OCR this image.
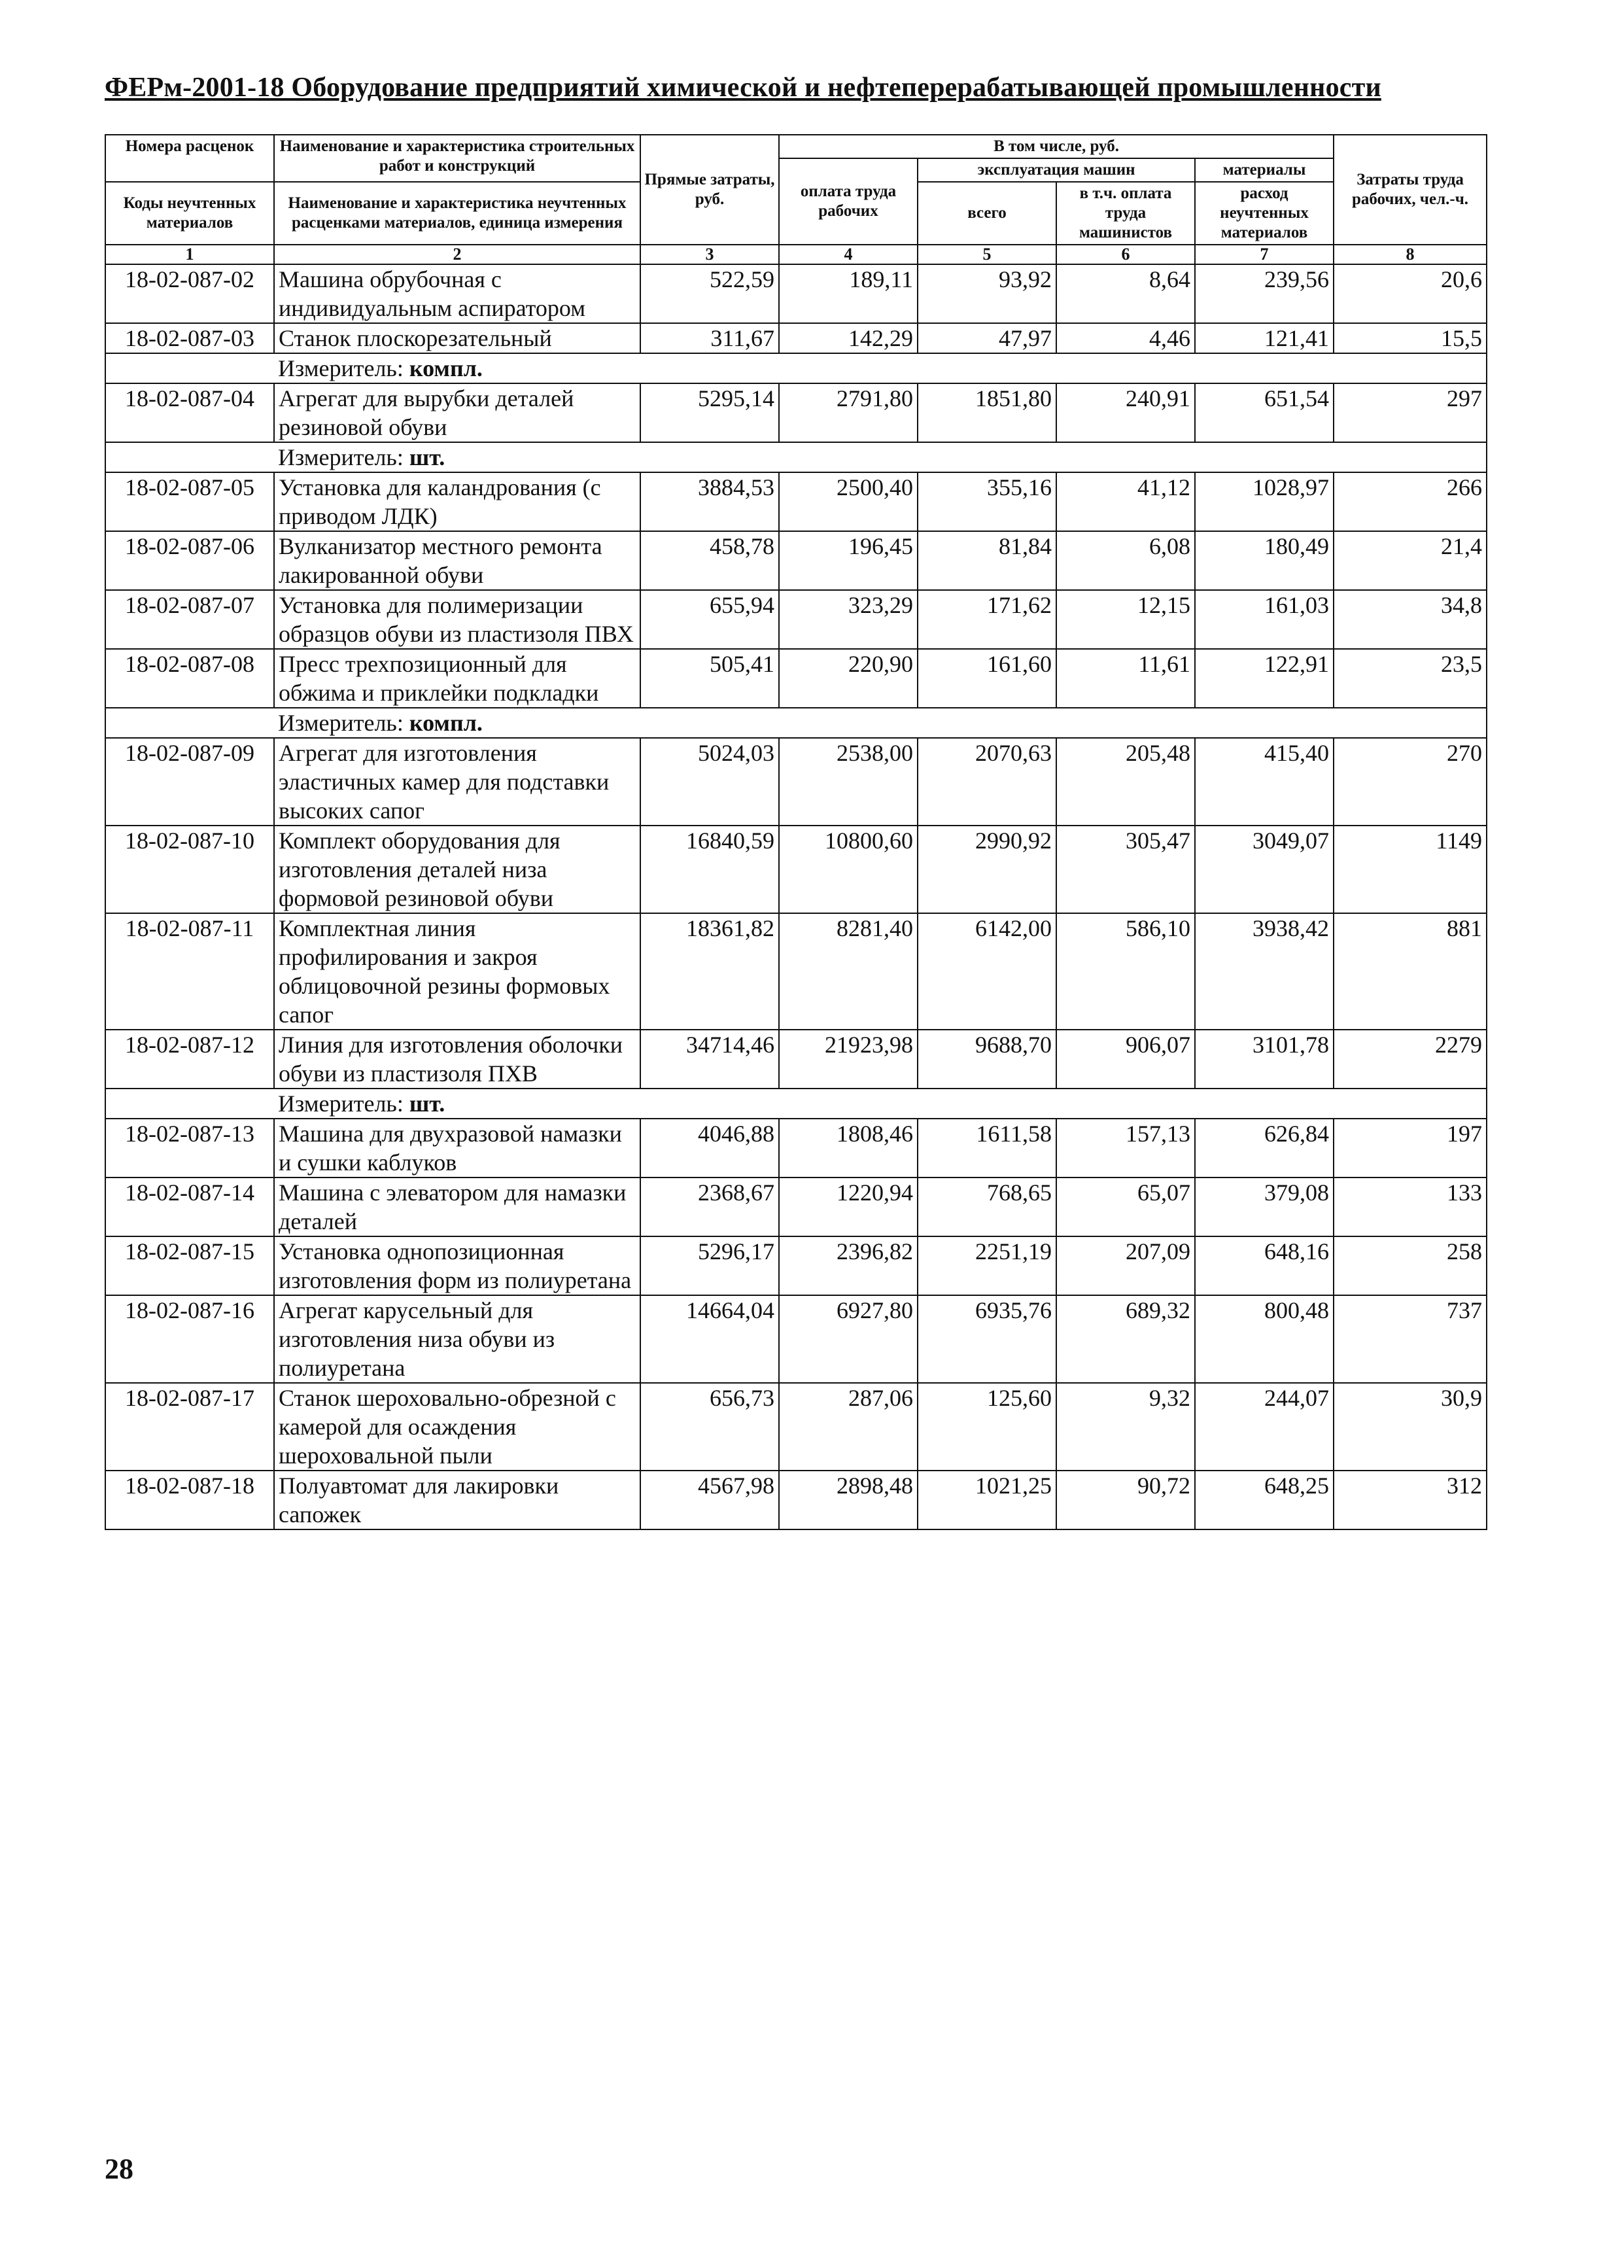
ФЕРм-2001-18 Оборудование предприятий химической и нефтеперерабатывающей промышленности
Номера расценок	Наименование и характеристика строительных работ и конструкций	Прямые затраты, руб.	В том числе, руб.				Затраты труда рабочих, чел.-ч.
			оплата труда рабочих	эксплуатация машин		материалы	
Коды неучтенных материалов	Наименование и характеристика неучтенных расценками материалов, единица измерения			всего	в т.ч. оплата труда машинистов	расход неучтенных материалов	

1	2	3	4	5	6	7	8
18-02-087-02	Машина обрубочная с индивидуальным аспиратором	522,59	189,11	93,92	8,64	239,56	20,6
18-02-087-03	Станок плоскорезательный	311,67	142,29	47,97	4,46	121,41	15,5
	Измеритель: компл.						
18-02-087-04	Агрегат для вырубки деталей резиновой обуви	5295,14	2791,80	1851,80	240,91	651,54	297
	Измеритель: шт.						
18-02-087-05	Установка для каландрования (с приводом ЛДК)	3884,53	2500,40	355,16	41,12	1028,97	266
18-02-087-06	Вулканизатор местного ремонта лакированной обуви	458,78	196,45	81,84	6,08	180,49	21,4
18-02-087-07	Установка для полимеризации образцов обуви из пластизоля ПВХ	655,94	323,29	171,62	12,15	161,03	34,8
18-02-087-08	Пресс трехпозиционный для обжима и приклейки подкладки	505,41	220,90	161,60	11,61	122,91	23,5
	Измеритель: компл.						
18-02-087-09	Агрегат для изготовления эластичных камер для подставки высоких сапог	5024,03	2538,00	2070,63	205,48	415,40	270
18-02-087-10	Комплект оборудования для изготовления деталей низа формовой резиновой обуви	16840,59	10800,60	2990,92	305,47	3049,07	1149
18-02-087-11	Комплектная линия профилирования и закроя облицовочной резины формовых сапог	18361,82	8281,40	6142,00	586,10	3938,42	881
18-02-087-12	Линия для изготовления оболочки обуви из пластизоля ПХВ	34714,46	21923,98	9688,70	906,07	3101,78	2279
	Измеритель: шт.						
18-02-087-13	Машина для двухразовой намазки и сушки каблуков	4046,88	1808,46	1611,58	157,13	626,84	197
18-02-087-14	Машина с элеватором для намазки деталей	2368,67	1220,94	768,65	65,07	379,08	133
18-02-087-15	Установка однопозиционная изготовления форм из полиуретана	5296,17	2396,82	2251,19	207,09	648,16	258
18-02-087-16	Агрегат карусельный для изготовления низа обуви из полиуретана	14664,04	6927,80	6935,76	689,32	800,48	737
18-02-087-17	Станок шероховально-обрезной с камерой для осаждения шероховальной пыли	656,73	287,06	125,60	9,32	244,07	30,9
18-02-087-18	Полуавтомат для лакировки сапожек	4567,98	2898,48	1021,25	90,72	648,25	312
28
